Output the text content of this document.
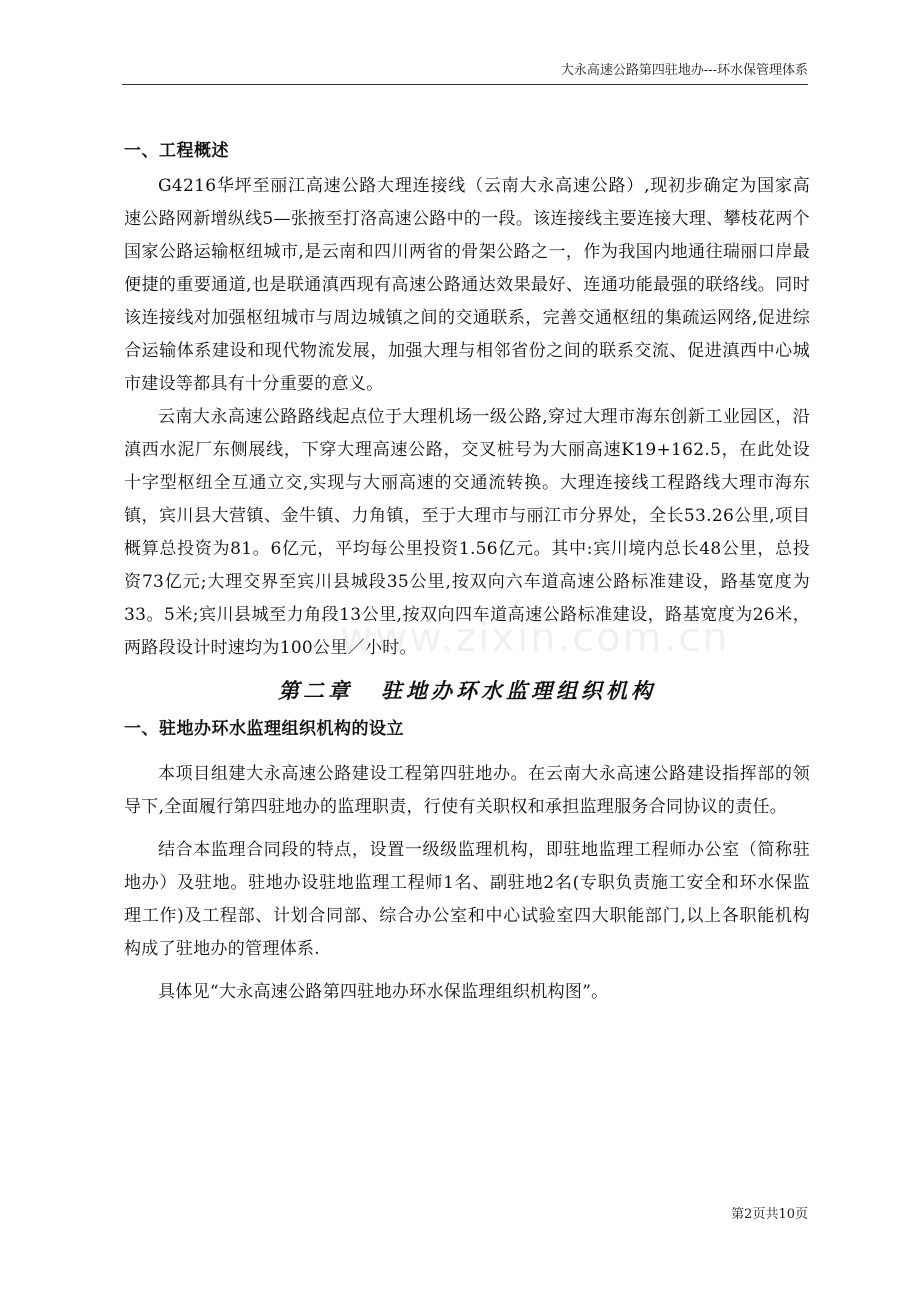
大永高速公路第四驻地办---环水保管理体系
www.zixin.com.cn
一、工程概述

G4216华坪至丽江高速公路大理连接线（云南大永高速公路）,现初步确定为国家高速公路网新增纵线5—张掖至打洛高速公路中的一段。该连接线主要连接大理、攀枝花两个国家公路运输枢纽城市,是云南和四川两省的骨架公路之一，作为我国内地通往瑞丽口岸最便捷的重要通道,也是联通滇西现有高速公路通达效果最好、连通功能最强的联络线。同时该连接线对加强枢纽城市与周边城镇之间的交通联系，完善交通枢纽的集疏运网络,促进综合运输体系建设和现代物流发展，加强大理与相邻省份之间的联系交流、促进滇西中心城市建设等都具有十分重要的意义。

云南大永高速公路路线起点位于大理机场一级公路,穿过大理市海东创新工业园区，沿滇西水泥厂东侧展线，下穿大理高速公路，交叉桩号为大丽高速K19+162.5，在此处设十字型枢纽全互通立交,实现与大丽高速的交通流转换。大理连接线工程路线大理市海东镇，宾川县大营镇、金牛镇、力角镇，至于大理市与丽江市分界处，全长53.26公里,项目概算总投资为81。6亿元，平均每公里投资1.56亿元。其中:宾川境内总长48公里，总投资73亿元;大理交界至宾川县城段35公里,按双向六车道高速公路标准建设，路基宽度为33。5米;宾川县城至力角段13公里,按双向四车道高速公路标准建设，路基宽度为26米，两路段设计时速均为100公里／小时。

第二章 驻地办环水监理组织机构
一、驻地办环水监理组织机构的设立

本项目组建大永高速公路建设工程第四驻地办。在云南大永高速公路建设指挥部的领导下,全面履行第四驻地办的监理职责，行使有关职权和承担监理服务合同协议的责任。

结合本监理合同段的特点，设置一级级监理机构，即驻地监理工程师办公室（简称驻地办）及驻地。驻地办设驻地监理工程师1名、副驻地2名(专职负责施工安全和环水保监理工作)及工程部、计划合同部、综合办公室和中心试验室四大职能部门,以上各职能机构构成了驻地办的管理体系.

具体见“大永高速公路第四驻地办环水保监理组织机构图”。

第2页共10页
